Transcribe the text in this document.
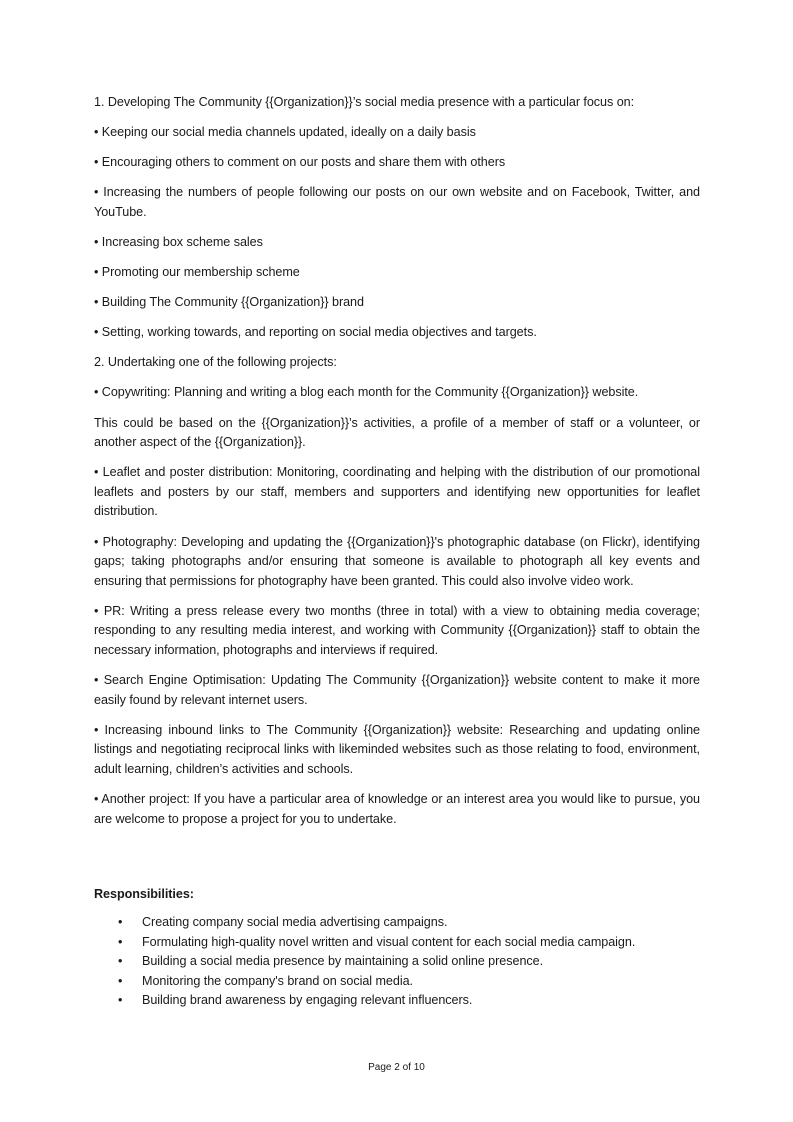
1. Developing The Community {{Organization}}’s social media presence with a particular focus on:

• Keeping our social media channels updated, ideally on a daily basis

• Encouraging others to comment on our posts and share them with others

• Increasing the numbers of people following our posts on our own website and on Facebook, Twitter, and YouTube.

• Increasing box scheme sales

• Promoting our membership scheme

• Building The Community {{Organization}} brand

• Setting, working towards, and reporting on social media objectives and targets.

2. Undertaking one of the following projects:

• Copywriting: Planning and writing a blog each month for the Community {{Organization}} website.

This could be based on the {{Organization}}’s activities, a profile of a member of staff or a volunteer, or another aspect of the {{Organization}}.

• Leaflet and poster distribution: Monitoring, coordinating and helping with the distribution of our promotional leaflets and posters by our staff, members and supporters and identifying new opportunities for leaflet distribution.

• Photography: Developing and updating the {{Organization}}'s photographic database (on Flickr), identifying gaps; taking photographs and/or ensuring that someone is available to photograph all key events and ensuring that permissions for photography have been granted. This could also involve video work.

• PR: Writing a press release every two months (three in total) with a view to obtaining media coverage; responding to any resulting media interest, and working with Community {{Organization}} staff to obtain the necessary information, photographs and interviews if required.

• Search Engine Optimisation: Updating The Community {{Organization}} website content to make it more easily found by relevant internet users.

• Increasing inbound links to The Community {{Organization}} website: Researching and updating online listings and negotiating reciprocal links with likeminded websites such as those relating to food, environment, adult learning, children’s activities and schools.

• Another project: If you have a particular area of knowledge or an interest area you would like to pursue, you are welcome to propose a project for you to undertake.

Responsibilities:
•	Creating company social media advertising campaigns.
•	Formulating high-quality novel written and visual content for each social media campaign.
•	Building a social media presence by maintaining a solid online presence.
•	Monitoring the company's brand on social media.
•	Building brand awareness by engaging relevant influencers.
Page 2 of 10
